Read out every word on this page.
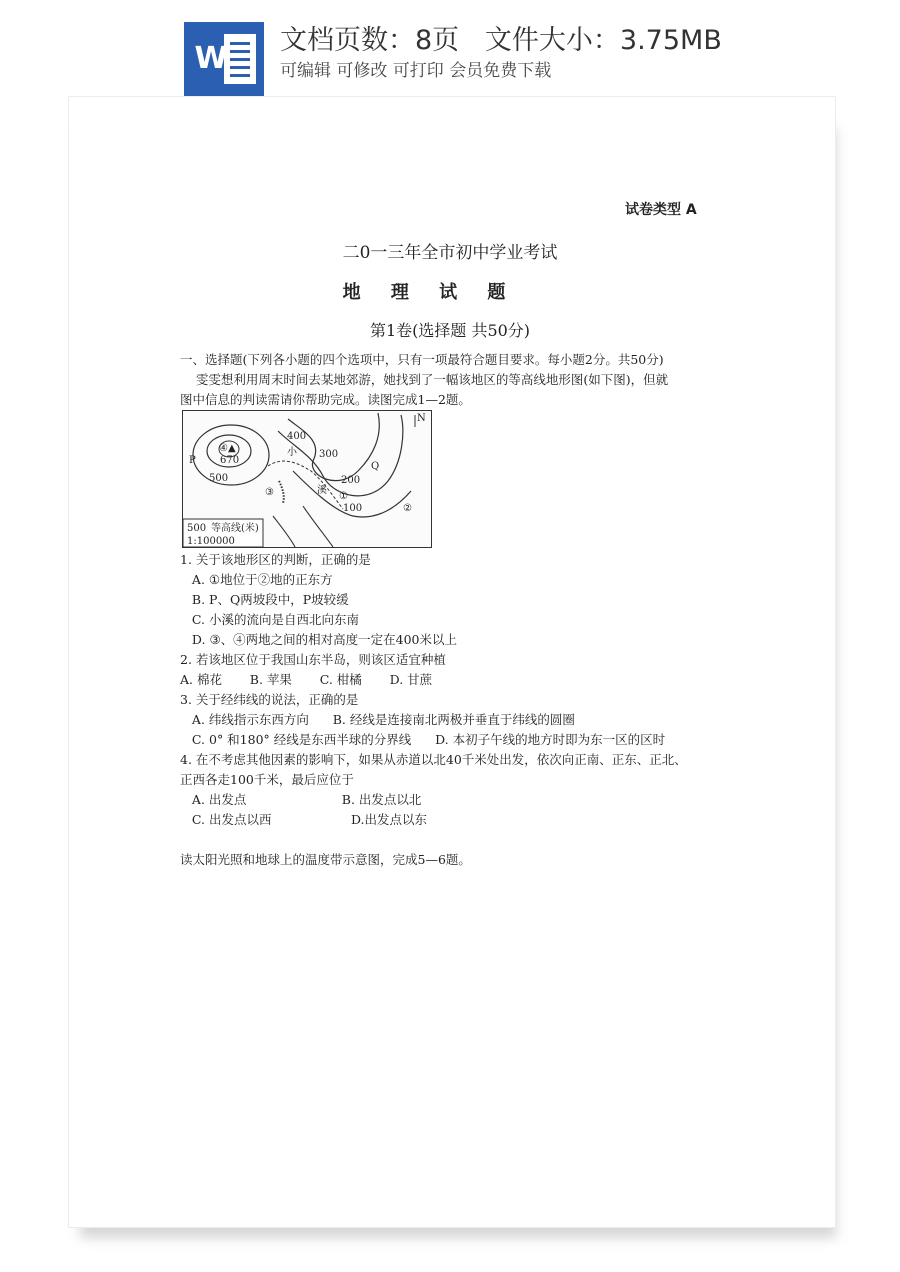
W
文档页数：8页   文件大小：3.75MB
可编辑 可修改 可打印 会员免费下载
试卷类型 A
二0一三年全市初中学业考试
地 理 试 题
第1卷(选择题 共50分)
一、选择题(下列各小题的四个选项中，只有一项最符合题目要求。每小题2分。共50分)
雯雯想利用周末时间去某地郊游，她找到了一幅该地区的等高线地形图(如下图)，但就
图中信息的判读需请你帮助完成。读图完成1—2题。
N
④▲
670
P
Q
500
400
300
200
100
小
溪
①
②
③
500 等高线(米)
1:100000
1. 关于该地形区的判断，正确的是
A. ①地位于②地的正东方
B. P、Q两坡段中，P坡较缓
C. 小溪的流向是自西北向东南
D. ③、④两地之间的相对高度一定在400米以上
2. 若该地区位于我国山东半岛，则该区适宜种植
A. 棉花       B. 苹果       C. 柑橘       D. 甘蔗
3. 关于经纬线的说法，正确的是
A. 纬线指示东西方向      B. 经线是连接南北两极并垂直于纬线的圆圈
C. 0° 和180° 经线是东西半球的分界线      D. 本初子午线的地方时即为东一区的区时
4. 在不考虑其他因素的影响下，如果从赤道以北40千米处出发，依次向正南、正东、正北、
正西各走100千米，最后应位于
A. 出发点                        B. 出发点以北
C. 出发点以西                    D.出发点以东
读太阳光照和地球上的温度带示意图，完成5—6题。
